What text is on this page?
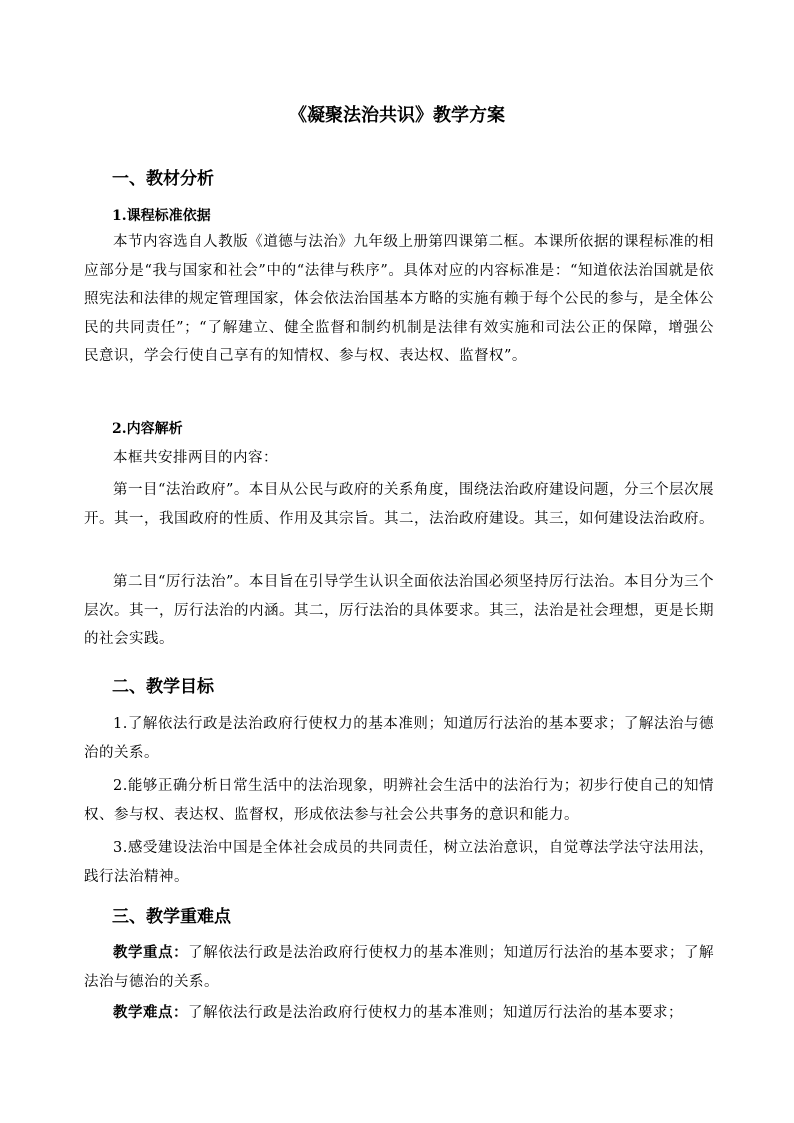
《凝聚法治共识》教学方案
一、教材分析
1.课程标准依据
本节内容选自人教版《道德与法治》九年级上册第四课第二框。本课所依据的课程标准的相应部分是“我与国家和社会”中的“法律与秩序”。具体对应的内容标准是：“知道依法治国就是依照宪法和法律的规定管理国家，体会依法治国基本方略的实施有赖于每个公民的参与，是全体公民的共同责任”；“了解建立、健全监督和制约机制是法律有效实施和司法公正的保障，增强公民意识，学会行使自己享有的知情权、参与权、表达权、监督权”。
2.内容解析
本框共安排两目的内容：
第一目“法治政府”。本目从公民与政府的关系角度，围绕法治政府建设问题，分三个层次展开。其一，我国政府的性质、作用及其宗旨。其二，法治政府建设。其三，如何建设法治政府。
第二目“厉行法治”。本目旨在引导学生认识全面依法治国必须坚持厉行法治。本目分为三个层次。其一，厉行法治的内涵。其二，厉行法治的具体要求。其三，法治是社会理想，更是长期的社会实践。
二、教学目标
1.了解依法行政是法治政府行使权力的基本准则；知道厉行法治的基本要求；了解法治与德治的关系。
2.能够正确分析日常生活中的法治现象，明辨社会生活中的法治行为；初步行使自己的知情权、参与权、表达权、监督权，形成依法参与社会公共事务的意识和能力。
3.感受建设法治中国是全体社会成员的共同责任，树立法治意识，自觉尊法学法守法用法，践行法治精神。
三、教学重难点
教学重点：了解依法行政是法治政府行使权力的基本准则；知道厉行法治的基本要求；了解法治与德治的关系。
教学难点：了解依法行政是法治政府行使权力的基本准则；知道厉行法治的基本要求；
